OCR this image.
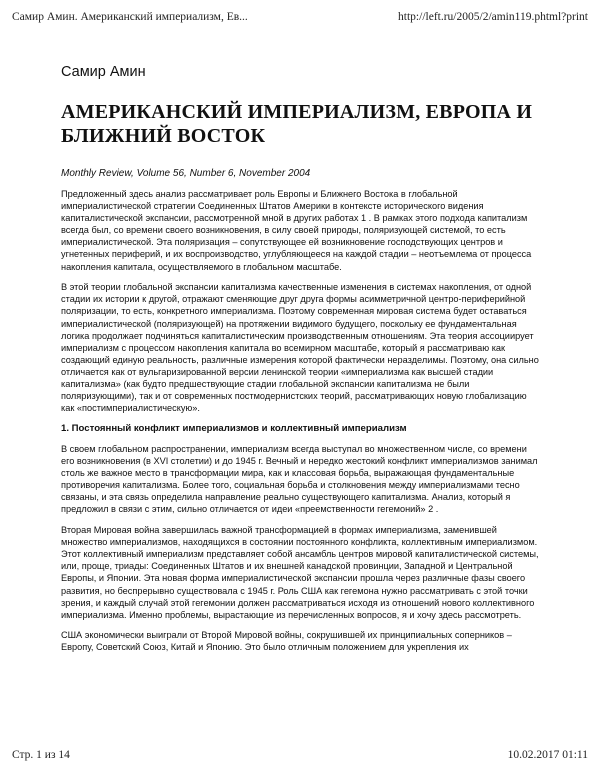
Самир Амин. Американский империализм, Ев...	http://left.ru/2005/2/amin119.phtml?print
Самир Амин
АМЕРИКАНСКИЙ ИМПЕРИАЛИЗМ, ЕВРОПА И БЛИЖНИЙ ВОСТОК

Monthly Review, Volume 56, Number 6, November 2004

Предложенный здесь анализ рассматривает роль Европы и Ближнего Востока в глобальной империалистической стратегии Соединенных Штатов Америки в контексте исторического видения капиталистической экспансии, рассмотренной мной в других работах 1 . В рамках этого подхода капитализм всегда был, со времени своего возникновения, в силу своей природы, поляризующей системой, то есть империалистической. Эта поляризация – сопутствующее ей возникновение господствующих центров и угнетенных периферий, и их воспроизводство, углубляющееся на каждой стадии – неотъемлема от процесса накопления капитала, осуществляемого в глобальном масштабе.

В этой теории глобальной экспансии капитализма качественные изменения в системах накопления, от одной стадии их истории к другой, отражают сменяющие друг друга формы асимметричной центро-периферийной поляризации, то есть, конкретного империализма. Поэтому современная мировая система будет оставаться империалистической (поляризующей) на протяжении видимого будущего, поскольку ее фундаментальная логика продолжает подчиняться капиталистическим производственным отношениям. Эта теория ассоциирует империализм с процессом накопления капитала во всемирном масштабе, который я рассматриваю как создающий единую реальность, различные измерения которой фактически неразделимы. Поэтому, она сильно отличается как от вульгаризированной версии ленинской теории «империализма как высшей стадии капитализма» (как будто предшествующие стадии глобальной экспансии капитализма не были поляризующими), так и от современных постмодернистских теорий, рассматривающих новую глобализацию как «постимпериалистическую».

1. Постоянный конфликт империализмов и коллективный империализм

В своем глобальном распространении, империализм всегда выступал во множественном числе, со времени его возникновения (в XVI столетии) и до 1945 г. Вечный и нередко жестокий конфликт империализмов занимал столь же важное место в трансформации мира, как и классовая борьба, выражающая фундаментальные противоречия капитализма. Более того, социальная борьба и столкновения между империализмами тесно связаны, и эта связь определила направление реально существующего капитализма. Анализ, который я предложил в связи с этим, сильно отличается от идеи «преемственности гегемоний» 2 .

Вторая Мировая война завершилась важной трансформацией в формах империализма, заменившей множество империализмов, находящихся в состоянии постоянного конфликта, коллективным империализмом. Этот коллективный империализм представляет собой ансамбль центров мировой капиталистической системы, или, проще, триады: Соединенных Штатов и их внешней канадской провинции, Западной и Центральной Европы, и Японии. Эта новая форма империалистической экспансии прошла через различные фазы своего развития, но беспрерывно существовала с 1945 г. Роль США как гегемона нужно рассматривать с этой точки зрения, и каждый случай этой гегемонии должен рассматриваться исходя из отношений нового коллективного империализма. Именно проблемы, вырастающие из перечисленных вопросов, я и хочу здесь рассмотреть.

США экономически выиграли от Второй Мировой войны, сокрушившей их принципиальных соперников – Европу, Советский Союз, Китай и Японию. Это было отличным положением для укрепления их

Стр. 1 из 14	10.02.2017 01:11
